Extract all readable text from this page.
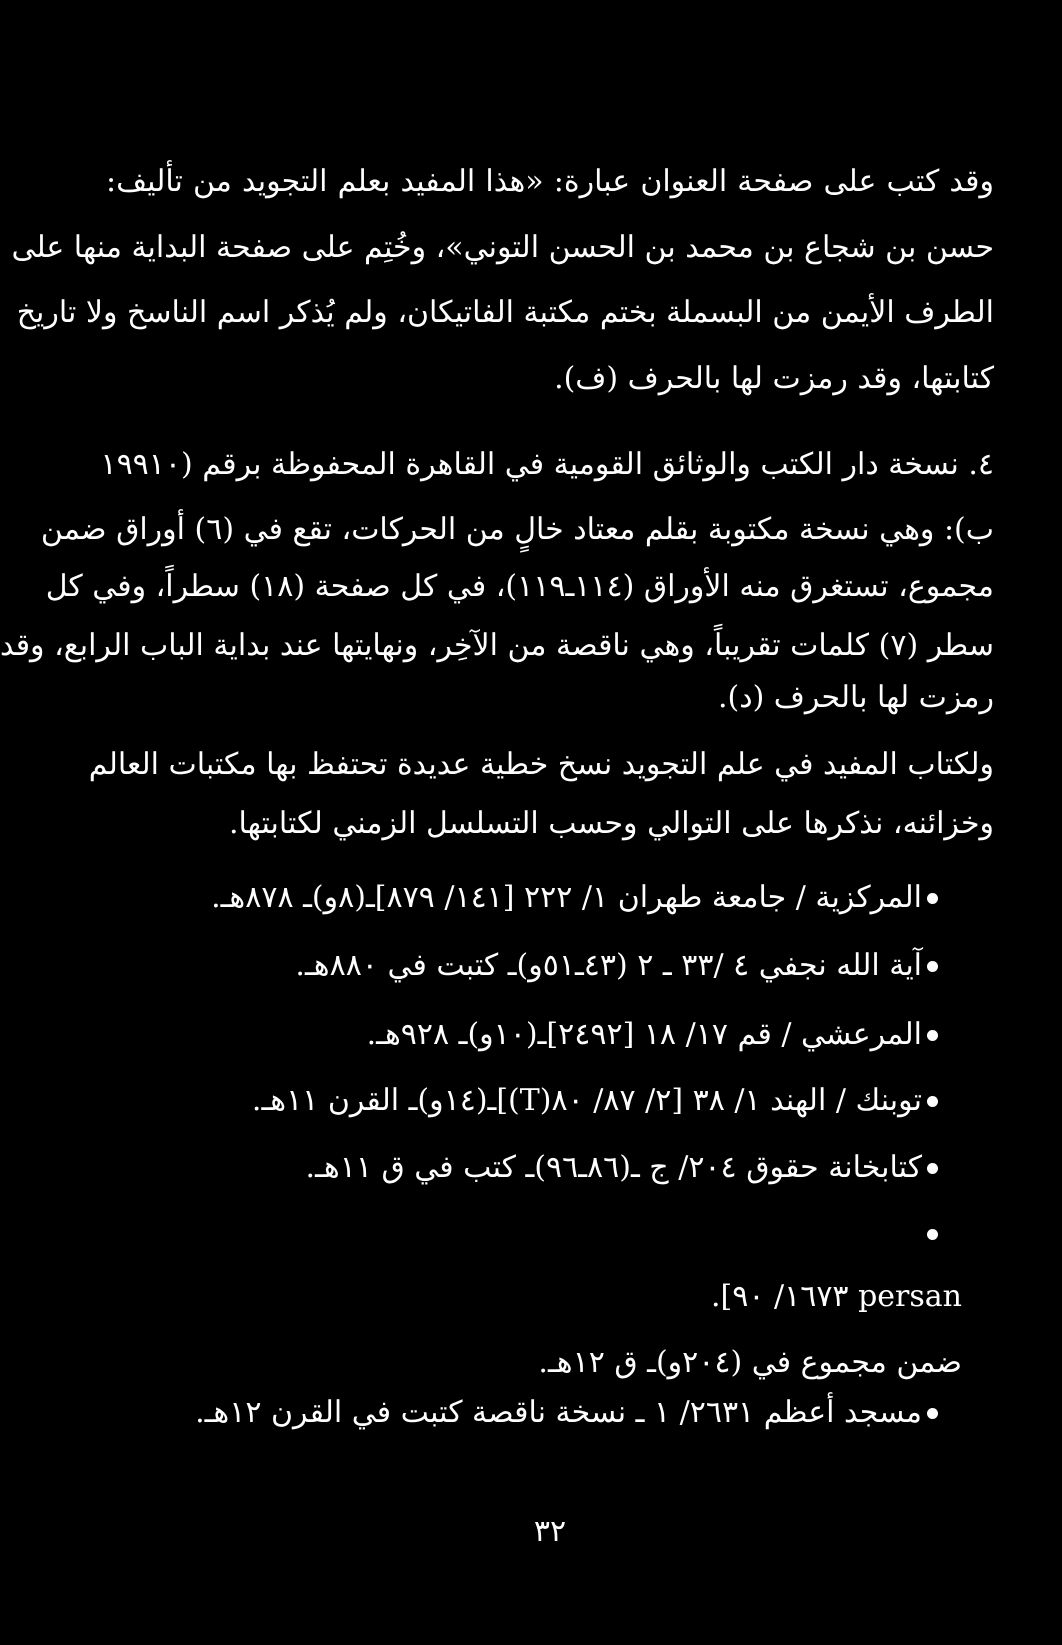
وقد كتب على صفحة العنوان عبارة: «هذا المفيد بعلم التجويد من تأليف:
حسن بن شجاع بن محمد بن الحسن التوني»، وخُتِم على صفحة البداية منها على
الطرف الأيمن من البسملة بختم مكتبة الفاتيكان، ولم يُذكر اسم الناسخ ولا تاريخ
كتابتها، وقد رمزت لها بالحرف (ف).
٤. نسخة دار الكتب والوثائق القومية في القاهرة المحفوظة برقم (١٩٩١٠
ب): وهي نسخة مكتوبة بقلم معتاد خالٍ من الحركات، تقع في (٦) أوراق ضمن
مجموع، تستغرق منه الأوراق (١١٤ـ١١٩)، في كل صفحة (١٨) سطراً، وفي كل
سطر (٧) كلمات تقريباً، وهي ناقصة من الآخِر، ونهايتها عند بداية الباب الرابع، وقد
رمزت لها بالحرف (د).
ولكتاب المفيد في علم التجويد نسخ خطية عديدة تحتفظ بها مكتبات العالم
وخزائنه، نذكرها على التوالي وحسب التسلسل الزمني لكتابتها.
المركزية / جامعة طهران ١/ ٢٢٢ [١٤١/ ٨٧٩]ـ(٨و)ـ ٨٧٨هـ.
آية الله نجفي ٤ /٣٣ ـ ٢ (٤٣ـ٥١و)ـ كتبت في ٨٨٠هـ.
المرعشي / قم ١٧/ ١٨ [٢٤٩٢]ـ(١٠و)ـ ٩٢٨هـ.
توبنك / الهند ١/ ٣٨ [٢/ ٨٧/ ٨٠(T)]ـ(١٤و)ـ القرن ١١هـ.
كتابخانة حقوق ٢٠٤/ ج ـ(٨٦ـ٩٦)ـ كتب في ق ١١هـ.
persan ١٦٧٣/ ٩٠].
ضمن مجموع في (٢٠٤و)ـ ق ١٢هـ.
مسجد أعظم ٢٦٣١/ ١ ـ نسخة ناقصة كتبت في القرن ١٢هـ.
٣٢
